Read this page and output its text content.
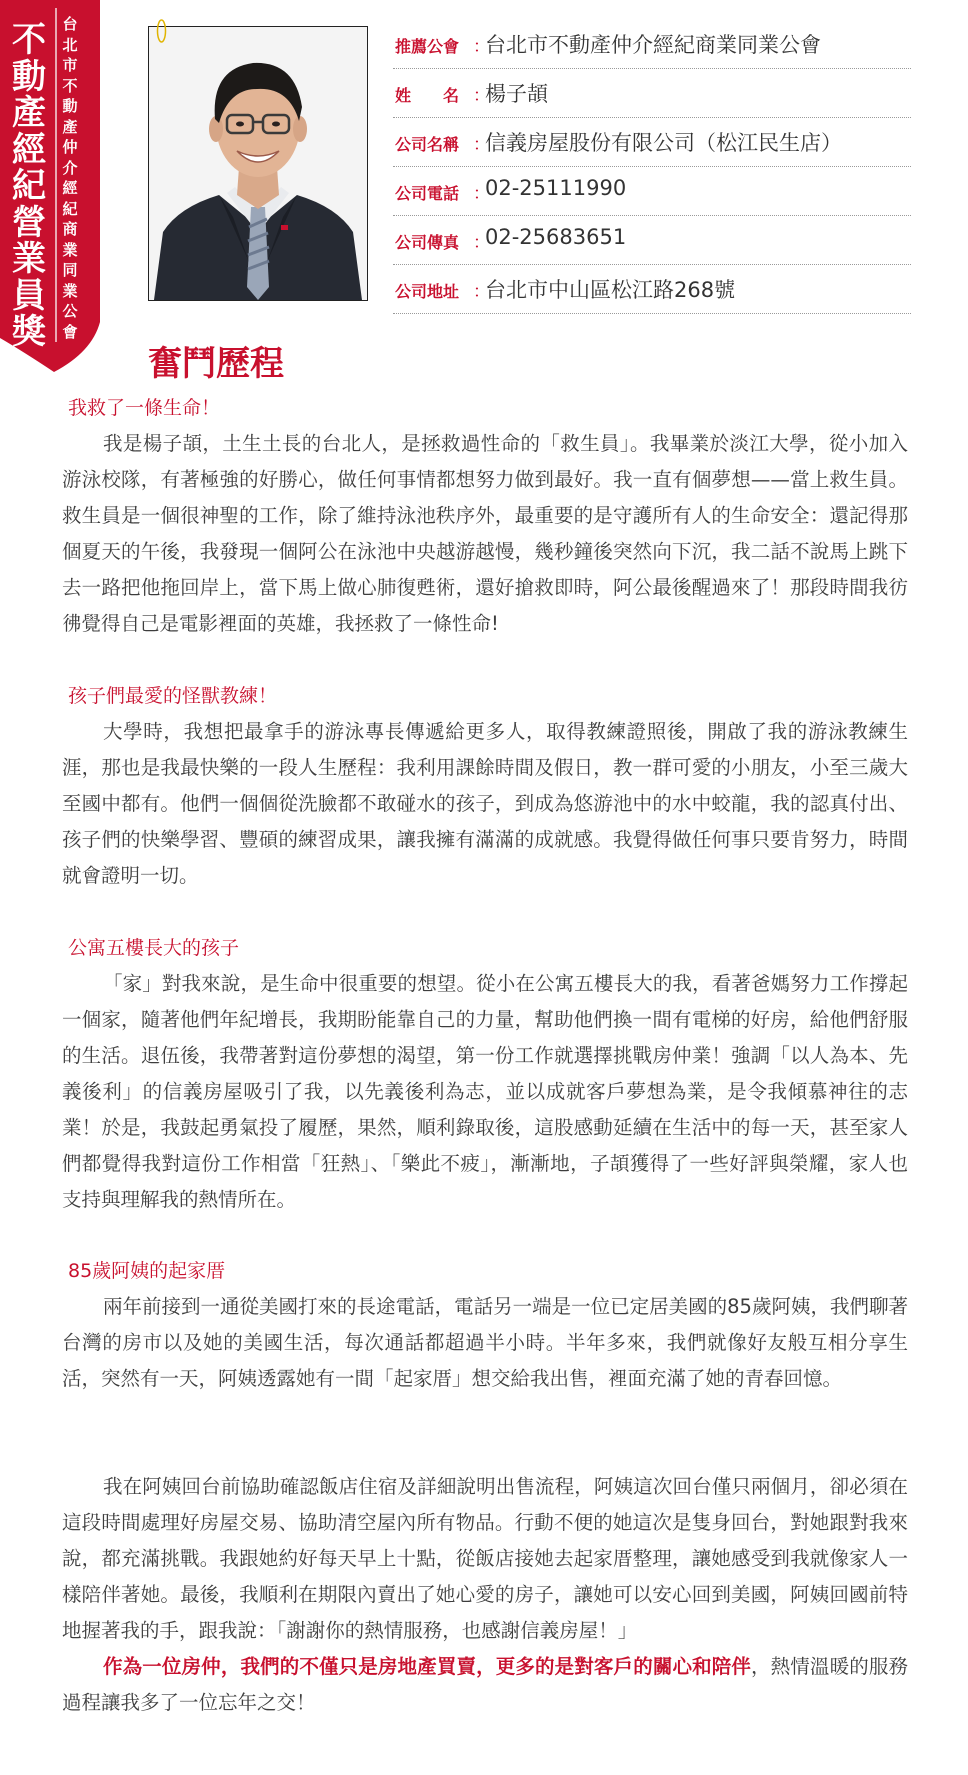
不動產經紀營業員獎
台北市不動產仲介經紀商業同業公會
推薦公會 ：
台北市不動產仲介經紀商業同業公會
姓　　名 ：
楊子頡
公司名稱 ：
信義房屋股份有限公司（松江民生店）
公司電話 ：
02-25111990
公司傳真 ：
02-25683651
公司地址 ：
台北市中山區松江路268號
奮鬥歷程
我救了一條生命！

我是楊子頡，土生土長的台北人，是拯救過性命的「救生員」。我畢業於淡江大學，從小加入游泳校隊，有著極強的好勝心，做任何事情都想努力做到最好。我一直有個夢想——當上救生員。救生員是一個很神聖的工作，除了維持泳池秩序外，最重要的是守護所有人的生命安全：還記得那個夏天的午後，我發現一個阿公在泳池中央越游越慢，幾秒鐘後突然向下沉，我二話不說馬上跳下去一路把他拖回岸上，當下馬上做心肺復甦術，還好搶救即時，阿公最後醒過來了！那段時間我彷彿覺得自己是電影裡面的英雄，我拯救了一條性命!

孩子們最愛的怪獸教練！

大學時，我想把最拿手的游泳專長傳遞給更多人，取得教練證照後，開啟了我的游泳教練生涯，那也是我最快樂的一段人生歷程：我利用課餘時間及假日，教一群可愛的小朋友，小至三歲大至國中都有。他們一個個從洗臉都不敢碰水的孩子，到成為悠游池中的水中蛟龍，我的認真付出、孩子們的快樂學習、豐碩的練習成果，讓我擁有滿滿的成就感。我覺得做任何事只要肯努力，時間就會證明一切。

公寓五樓長大的孩子

「家」對我來說，是生命中很重要的想望。從小在公寓五樓長大的我，看著爸媽努力工作撐起一個家，隨著他們年紀增長，我期盼能靠自己的力量，幫助他們換一間有電梯的好房，給他們舒服的生活。退伍後，我帶著對這份夢想的渴望，第一份工作就選擇挑戰房仲業！強調「以人為本、先義後利」的信義房屋吸引了我，以先義後利為志，並以成就客戶夢想為業，是令我傾慕神往的志業！於是，我鼓起勇氣投了履歷，果然，順利錄取後，這股感動延續在生活中的每一天，甚至家人們都覺得我對這份工作相當「狂熱」、「樂此不疲」，漸漸地，子頡獲得了一些好評與榮耀，家人也支持與理解我的熱情所在。

85歲阿姨的起家厝

兩年前接到一通從美國打來的長途電話，電話另一端是一位已定居美國的85歲阿姨，我們聊著台灣的房市以及她的美國生活，每次通話都超過半小時。半年多來，我們就像好友般互相分享生活，突然有一天，阿姨透露她有一間「起家厝」想交給我出售，裡面充滿了她的青春回憶。

我在阿姨回台前協助確認飯店住宿及詳細說明出售流程，阿姨這次回台僅只兩個月，卻必須在這段時間處理好房屋交易、協助清空屋內所有物品。行動不便的她這次是隻身回台，對她跟對我來說，都充滿挑戰。我跟她約好每天早上十點，從飯店接她去起家厝整理，讓她感受到我就像家人一樣陪伴著她。最後，我順利在期限內賣出了她心愛的房子，讓她可以安心回到美國，阿姨回國前特地握著我的手，跟我說：「謝謝你的熱情服務，也感謝信義房屋！」

作為一位房仲，我們的不僅只是房地產買賣，更多的是對客戶的關心和陪伴，熱情溫暖的服務過程讓我多了一位忘年之交！
